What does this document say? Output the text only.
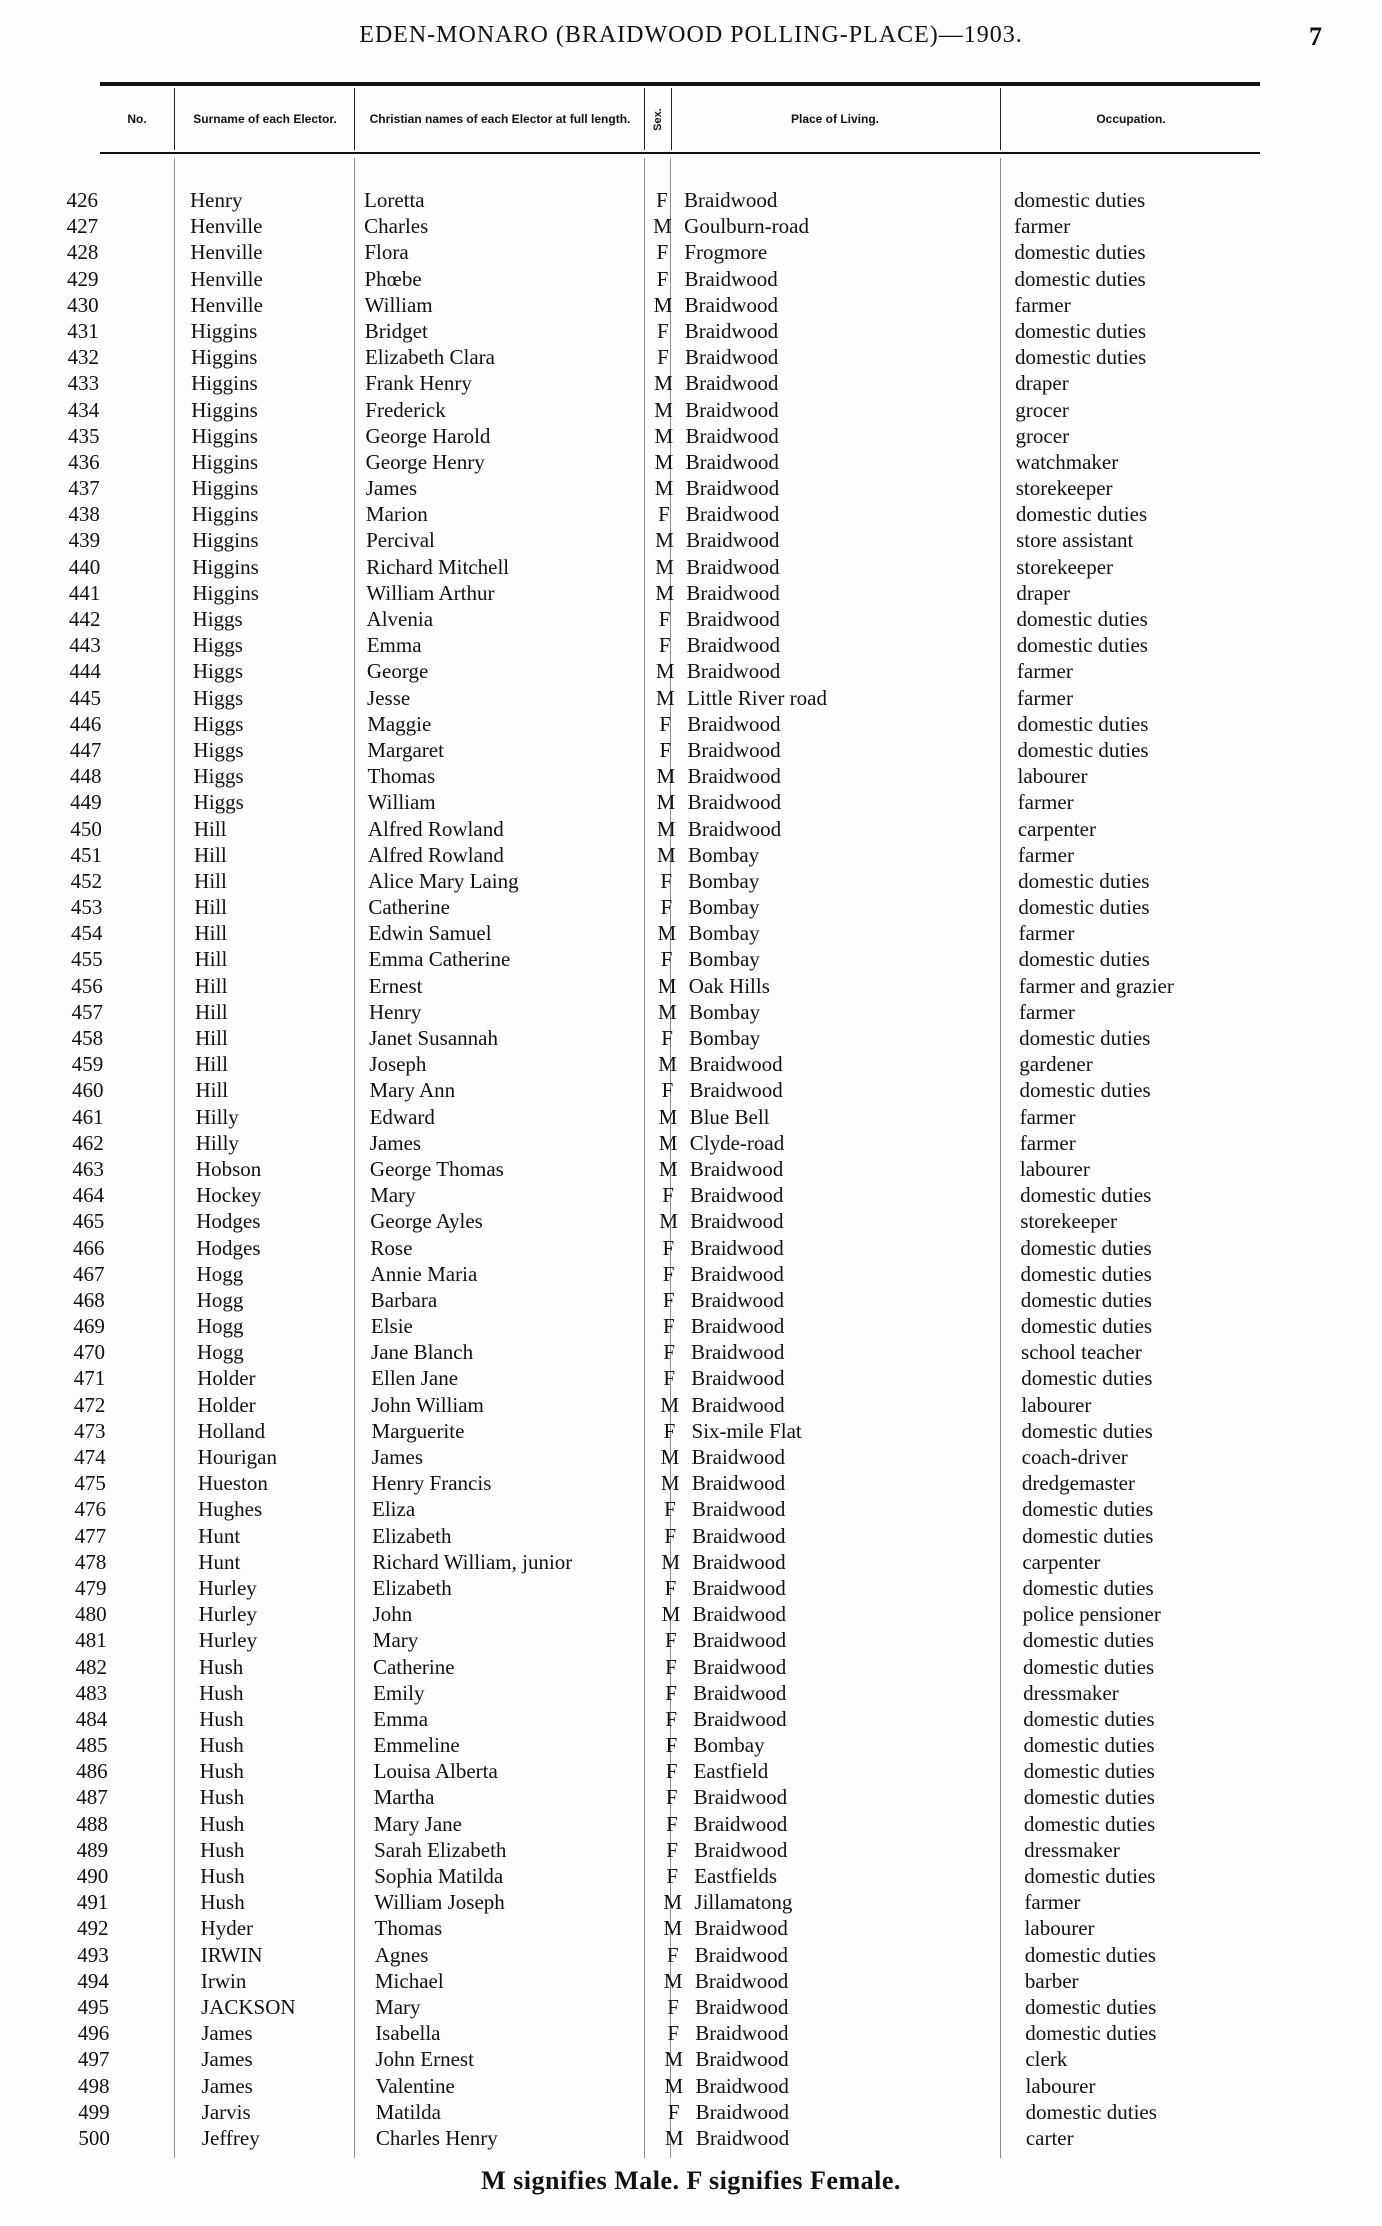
EDEN-MONARO (BRAIDWOOD POLLING-PLACE)—1903.	7
No.	Surname of each Elector.	Christian names of each Elector at full length.	Sex.	Place of Living.	Occupation.
426	Henry	Loretta	F Braidwood	domestic duties
427	Henville	Charles	M Goulburn-road	farmer
428	Henville	Flora	F Frogmore	domestic duties
429	Henville	Phœbe	F Braidwood	domestic duties
430	Henville	William	M Braidwood	farmer
431	Higgins	Bridget	F Braidwood	domestic duties
432	Higgins	Elizabeth Clara	F Braidwood	domestic duties
433	Higgins	Frank Henry	M Braidwood	draper
434	Higgins	Frederick	M Braidwood	grocer
435	Higgins	George Harold	M Braidwood	grocer
436	Higgins	George Henry	M Braidwood	watchmaker
437	Higgins	James	M Braidwood	storekeeper
438	Higgins	Marion	F Braidwood	domestic duties
439	Higgins	Percival	M Braidwood	store assistant
440	Higgins	Richard Mitchell	M Braidwood	storekeeper
441	Higgins	William Arthur	M Braidwood	draper
442	Higgs	Alvenia	F Braidwood	domestic duties
443	Higgs	Emma	F Braidwood	domestic duties
444	Higgs	George	M Braidwood	farmer
445	Higgs	Jesse	M Little River road	farmer
446	Higgs	Maggie	F Braidwood	domestic duties
447	Higgs	Margaret	F Braidwood	domestic duties
448	Higgs	Thomas	M Braidwood	labourer
449	Higgs	William	M Braidwood	farmer
450	Hill	Alfred Rowland	M Braidwood	carpenter
451	Hill	Alfred Rowland	M Bombay	farmer
452	Hill	Alice Mary Laing	F Bombay	domestic duties
453	Hill	Catherine	F Bombay	domestic duties
454	Hill	Edwin Samuel	M Bombay	farmer
455	Hill	Emma Catherine	F Bombay	domestic duties
456	Hill	Ernest	M Oak Hills	farmer and grazier
457	Hill	Henry	M Bombay	farmer
458	Hill	Janet Susannah	F Bombay	domestic duties
459	Hill	Joseph	M Braidwood	gardener
460	Hill	Mary Ann	F Braidwood	domestic duties
461	Hilly	Edward	M Blue Bell	farmer
462	Hilly	James	M Clyde-road	farmer
463	Hobson	George Thomas	M Braidwood	labourer
464	Hockey	Mary	F Braidwood	domestic duties
465	Hodges	George Ayles	M Braidwood	storekeeper
466	Hodges	Rose	F Braidwood	domestic duties
467	Hogg	Annie Maria	F Braidwood	domestic duties
468	Hogg	Barbara	F Braidwood	domestic duties
469	Hogg	Elsie	F Braidwood	domestic duties
470	Hogg	Jane Blanch	F Braidwood	school teacher
471	Holder	Ellen Jane	F Braidwood	domestic duties
472	Holder	John William	M Braidwood	labourer
473	Holland	Marguerite	F Six-mile Flat	domestic duties
474	Hourigan	James	M Braidwood	coach-driver
475	Hueston	Henry Francis	M Braidwood	dredgemaster
476	Hughes	Eliza	F Braidwood	domestic duties
477	Hunt	Elizabeth	F Braidwood	domestic duties
478	Hunt	Richard William, junior	M Braidwood	carpenter
479	Hurley	Elizabeth	F Braidwood	domestic duties
480	Hurley	John	M Braidwood	police pensioner
481	Hurley	Mary	F Braidwood	domestic duties
482	Hush	Catherine	F Braidwood	domestic duties
483	Hush	Emily	F Braidwood	dressmaker
484	Hush	Emma	F Braidwood	domestic duties
485	Hush	Emmeline	F Bombay	domestic duties
486	Hush	Louisa Alberta	F Eastfield	domestic duties
487	Hush	Martha	F Braidwood	domestic duties
488	Hush	Mary Jane	F Braidwood	domestic duties
489	Hush	Sarah Elizabeth	F Braidwood	dressmaker
490	Hush	Sophia Matilda	F Eastfields	domestic duties
491	Hush	William Joseph	M Jillamatong	farmer
492	Hyder	Thomas	M Braidwood	labourer
493	IRWIN	Agnes	F Braidwood	domestic duties
494	Irwin	Michael	M Braidwood	barber
495	JACKSON	Mary	F Braidwood	domestic duties
496	James	Isabella	F Braidwood	domestic duties
497	James	John Ernest	M Braidwood	clerk
498	James	Valentine	M Braidwood	labourer
499	Jarvis	Matilda	F Braidwood	domestic duties
500	Jeffrey	Charles Henry	M Braidwood	carter
M signifies Male. F signifies Female.
